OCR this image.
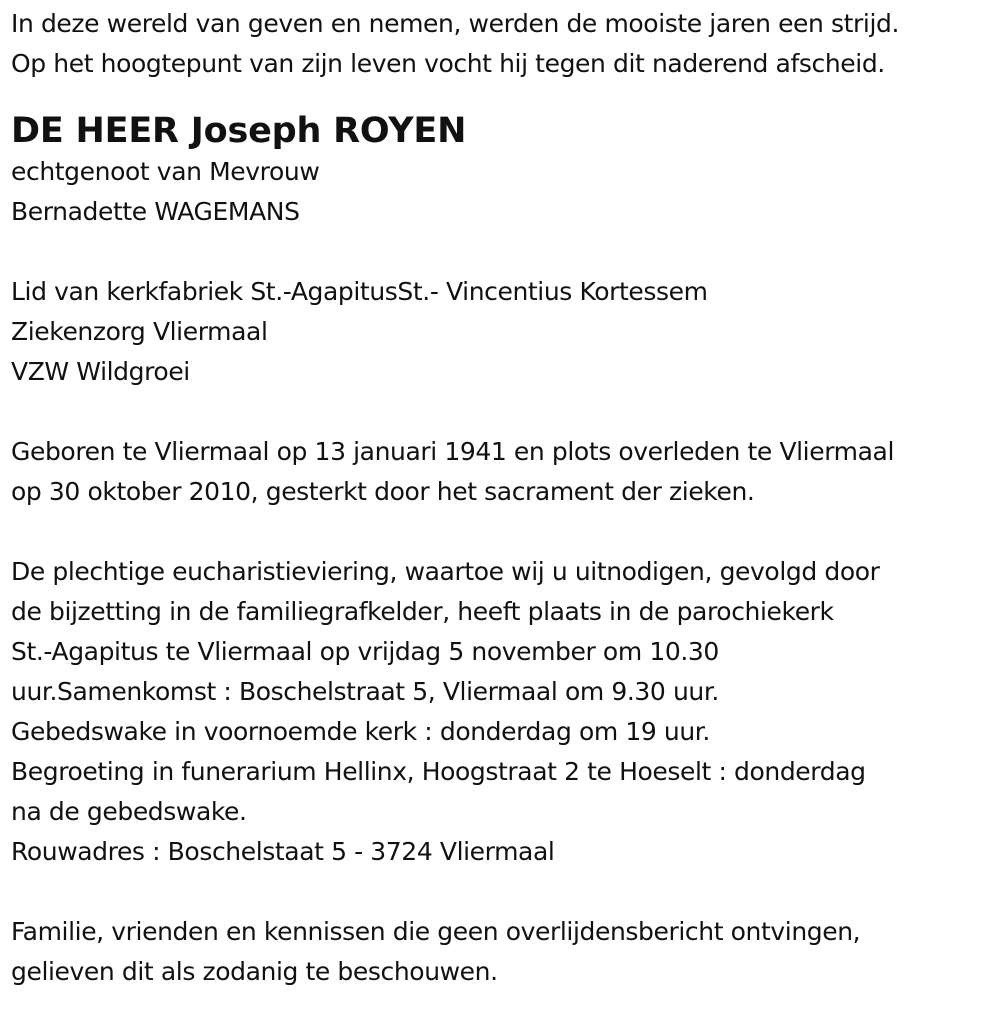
In deze wereld van geven en nemen, werden de mooiste jaren een strijd.
Op het hoogtepunt van zijn leven vocht hij tegen dit naderend afscheid.
DE HEER Joseph ROYEN
echtgenoot van Mevrouw
Bernadette WAGEMANS
Lid van kerkfabriek St.-AgapitusSt.- Vincentius Kortessem
Ziekenzorg Vliermaal
VZW Wildgroei
Geboren te Vliermaal op 13 januari 1941 en plots overleden te Vliermaal
op 30 oktober 2010, gesterkt door het sacrament der zieken.
De plechtige eucharistieviering, waartoe wij u uitnodigen, gevolgd door
de bijzetting in de familiegrafkelder, heeft plaats in de parochiekerk
St.-Agapitus te Vliermaal op vrijdag 5 november om 10.30
uur.Samenkomst : Boschelstraat 5, Vliermaal om 9.30 uur.
Gebedswake in voornoemde kerk : donderdag om 19 uur.
Begroeting in funerarium Hellinx, Hoogstraat 2 te Hoeselt : donderdag
na de gebedswake.
Rouwadres : Boschelstaat 5 - 3724 Vliermaal
Familie, vrienden en kennissen die geen overlijdensbericht ontvingen,
gelieven dit als zodanig te beschouwen.
